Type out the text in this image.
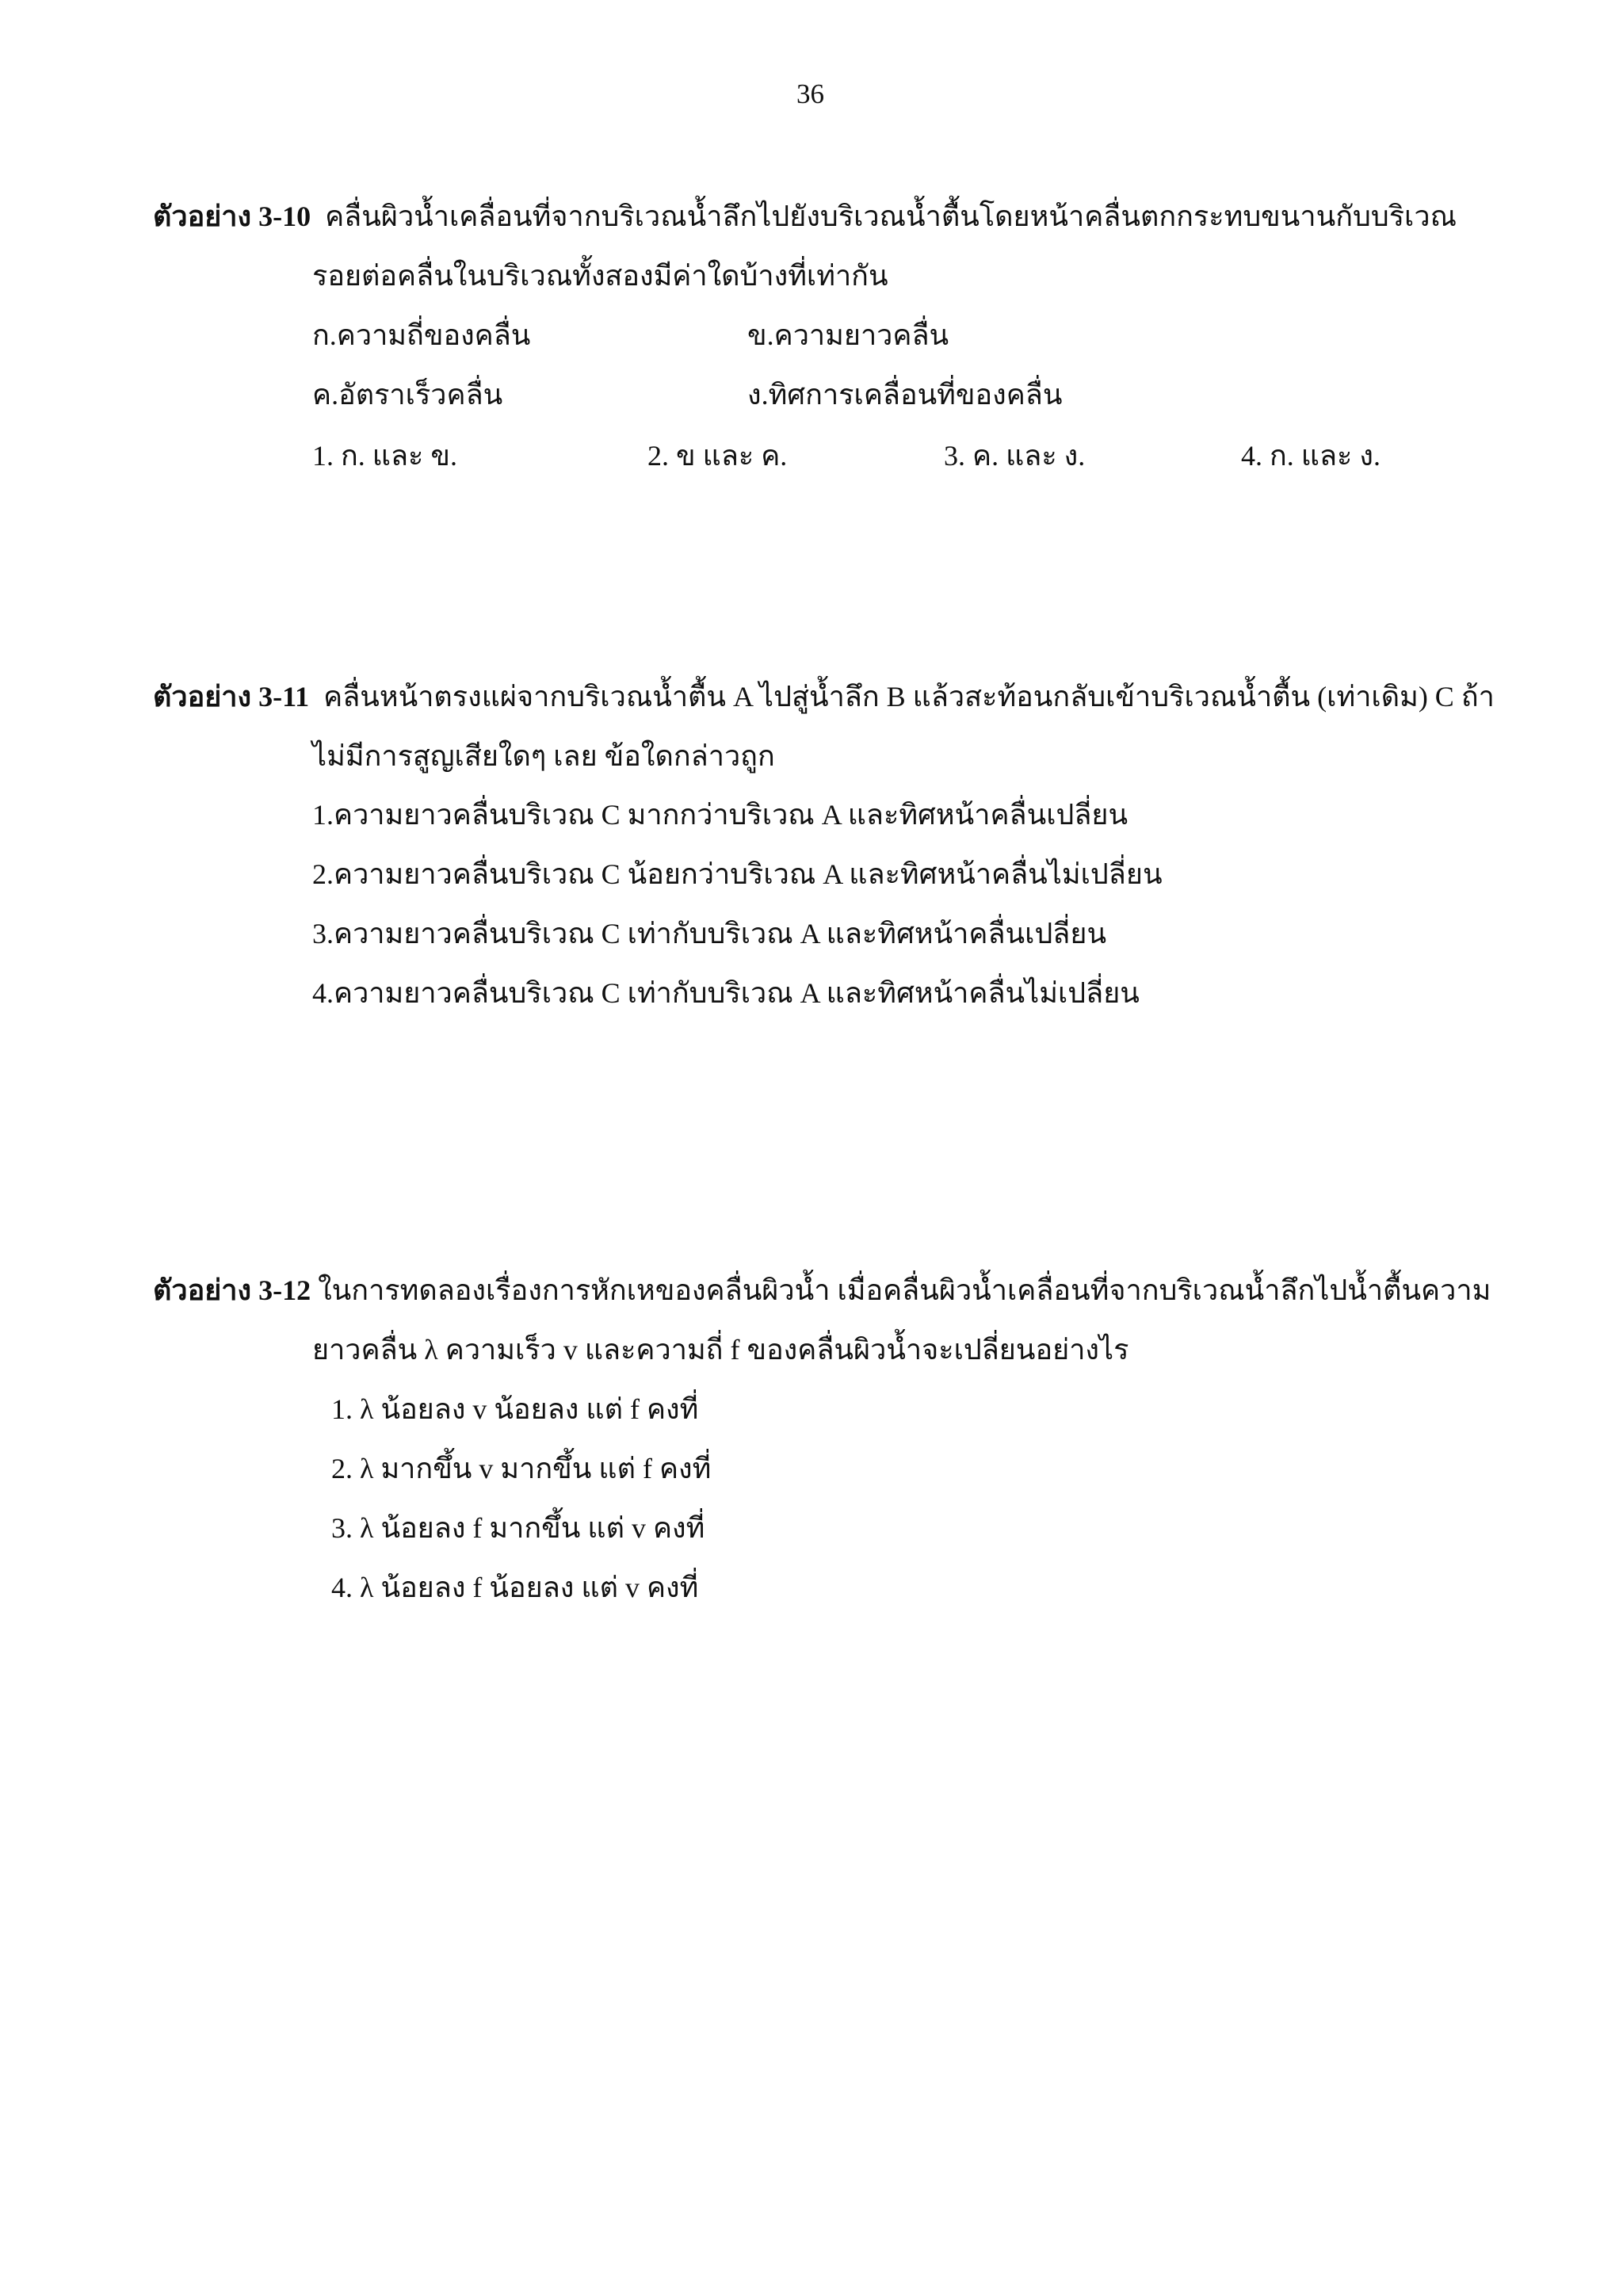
36
ตัวอย่าง 3-10 คลื่นผิวน้ำเคลื่อนที่จากบริเวณน้ำลึกไปยังบริเวณน้ำตื้นโดยหน้าคลื่นตกกระทบขนานกับบริเวณ
รอยต่อคลื่นในบริเวณทั้งสองมีค่าใดบ้างที่เท่ากัน
ก.ความถี่ของคลื่น	ข.ความยาวคลื่น
ค.อัตราเร็วคลื่น	ง.ทิศการเคลื่อนที่ของคลื่น
1. ก. และ ข.	2. ข และ ค.	3. ค. และ ง.	4. ก. และ ง.
ตัวอย่าง 3-11 คลื่นหน้าตรงแผ่จากบริเวณน้ำตื้น A ไปสู่น้ำลึก B แล้วสะท้อนกลับเข้าบริเวณน้ำตื้น (เท่าเดิม) C ถ้า
ไม่มีการสูญเสียใดๆ เลย ข้อใดกล่าวถูก
1.ความยาวคลื่นบริเวณ C มากกว่าบริเวณ A และทิศหน้าคลื่นเปลี่ยน
2.ความยาวคลื่นบริเวณ C น้อยกว่าบริเวณ A และทิศหน้าคลื่นไม่เปลี่ยน
3.ความยาวคลื่นบริเวณ C เท่ากับบริเวณ A และทิศหน้าคลื่นเปลี่ยน
4.ความยาวคลื่นบริเวณ C เท่ากับบริเวณ A และทิศหน้าคลื่นไม่เปลี่ยน
ตัวอย่าง 3-12 ในการทดลองเรื่องการหักเหของคลื่นผิวน้ำ เมื่อคลื่นผิวน้ำเคลื่อนที่จากบริเวณน้ำลึกไปน้ำตื้นความ
ยาวคลื่น λ ความเร็ว v และความถี่ f ของคลื่นผิวน้ำจะเปลี่ยนอย่างไร
1. λ น้อยลง v น้อยลง แต่ f คงที่
2. λ มากขึ้น v มากขึ้น แต่ f คงที่
3. λ น้อยลง f มากขึ้น แต่ v คงที่
4. λ น้อยลง f น้อยลง แต่ v คงที่
